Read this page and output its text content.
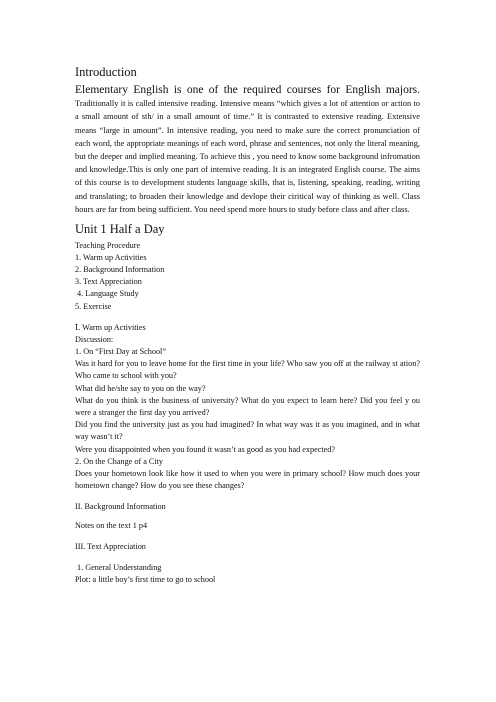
Introduction

Elementary English is one of the required courses for English majors. Traditionally it is called intensive reading. Intensive means “which gives a lot of attention or action to a small amount of sth/ in a small amount of time.” It is contrasted to extensive reading. Extensive means “large in amount”. In intensive reading, you need to make sure the correct pronunciation of each word, the appropriate meanings of each word, phrase and sentences, not only the literal meaning, but the deeper and implied meaning. To achieve this , you need to know some background infromation and knowledge.This is only one part of intensive reading. It is an integrated English course. The aims of this course is to development students language skills, that is, listening, speaking, reading, writing and translating; to broaden their knowledge and devlope their ciritical way of thinking as well. Class hours are far from being sufficient. You need spend more hours to study before class and after class.

Unit 1 Half a Day
Teaching Procedure
1. Warm up Activities
2. Background Information
3. Text Appreciation
4. Language Study
5. Exercise

Ⅰ. Warm up Activities

Discussion:

1. On “First Day at School”

Was it hard for you to leave home for the first time in your life? Who saw you off at the railway st ation? Who came to school with you?

What did he/she say to you on the way?

What do you think is the business of university? What do you expect to learn here? Did you feel y ou were a stranger the first day you arrived?

Did you find the university just as you had imagined? In what way was it as you imagined, and in what way wasn’t it?

Were you disappointed when you found it wasn’t as good as you had expected?

2. On the Change of a City

Does your hometown look like how it used to when you were in primary school? How much does your hometown change? How do you see these changes?

II. Background Information

Notes on the text 1 p4

III. Text Appreciation

1. General Understanding

Plot: a little boy’s first time to go to school
